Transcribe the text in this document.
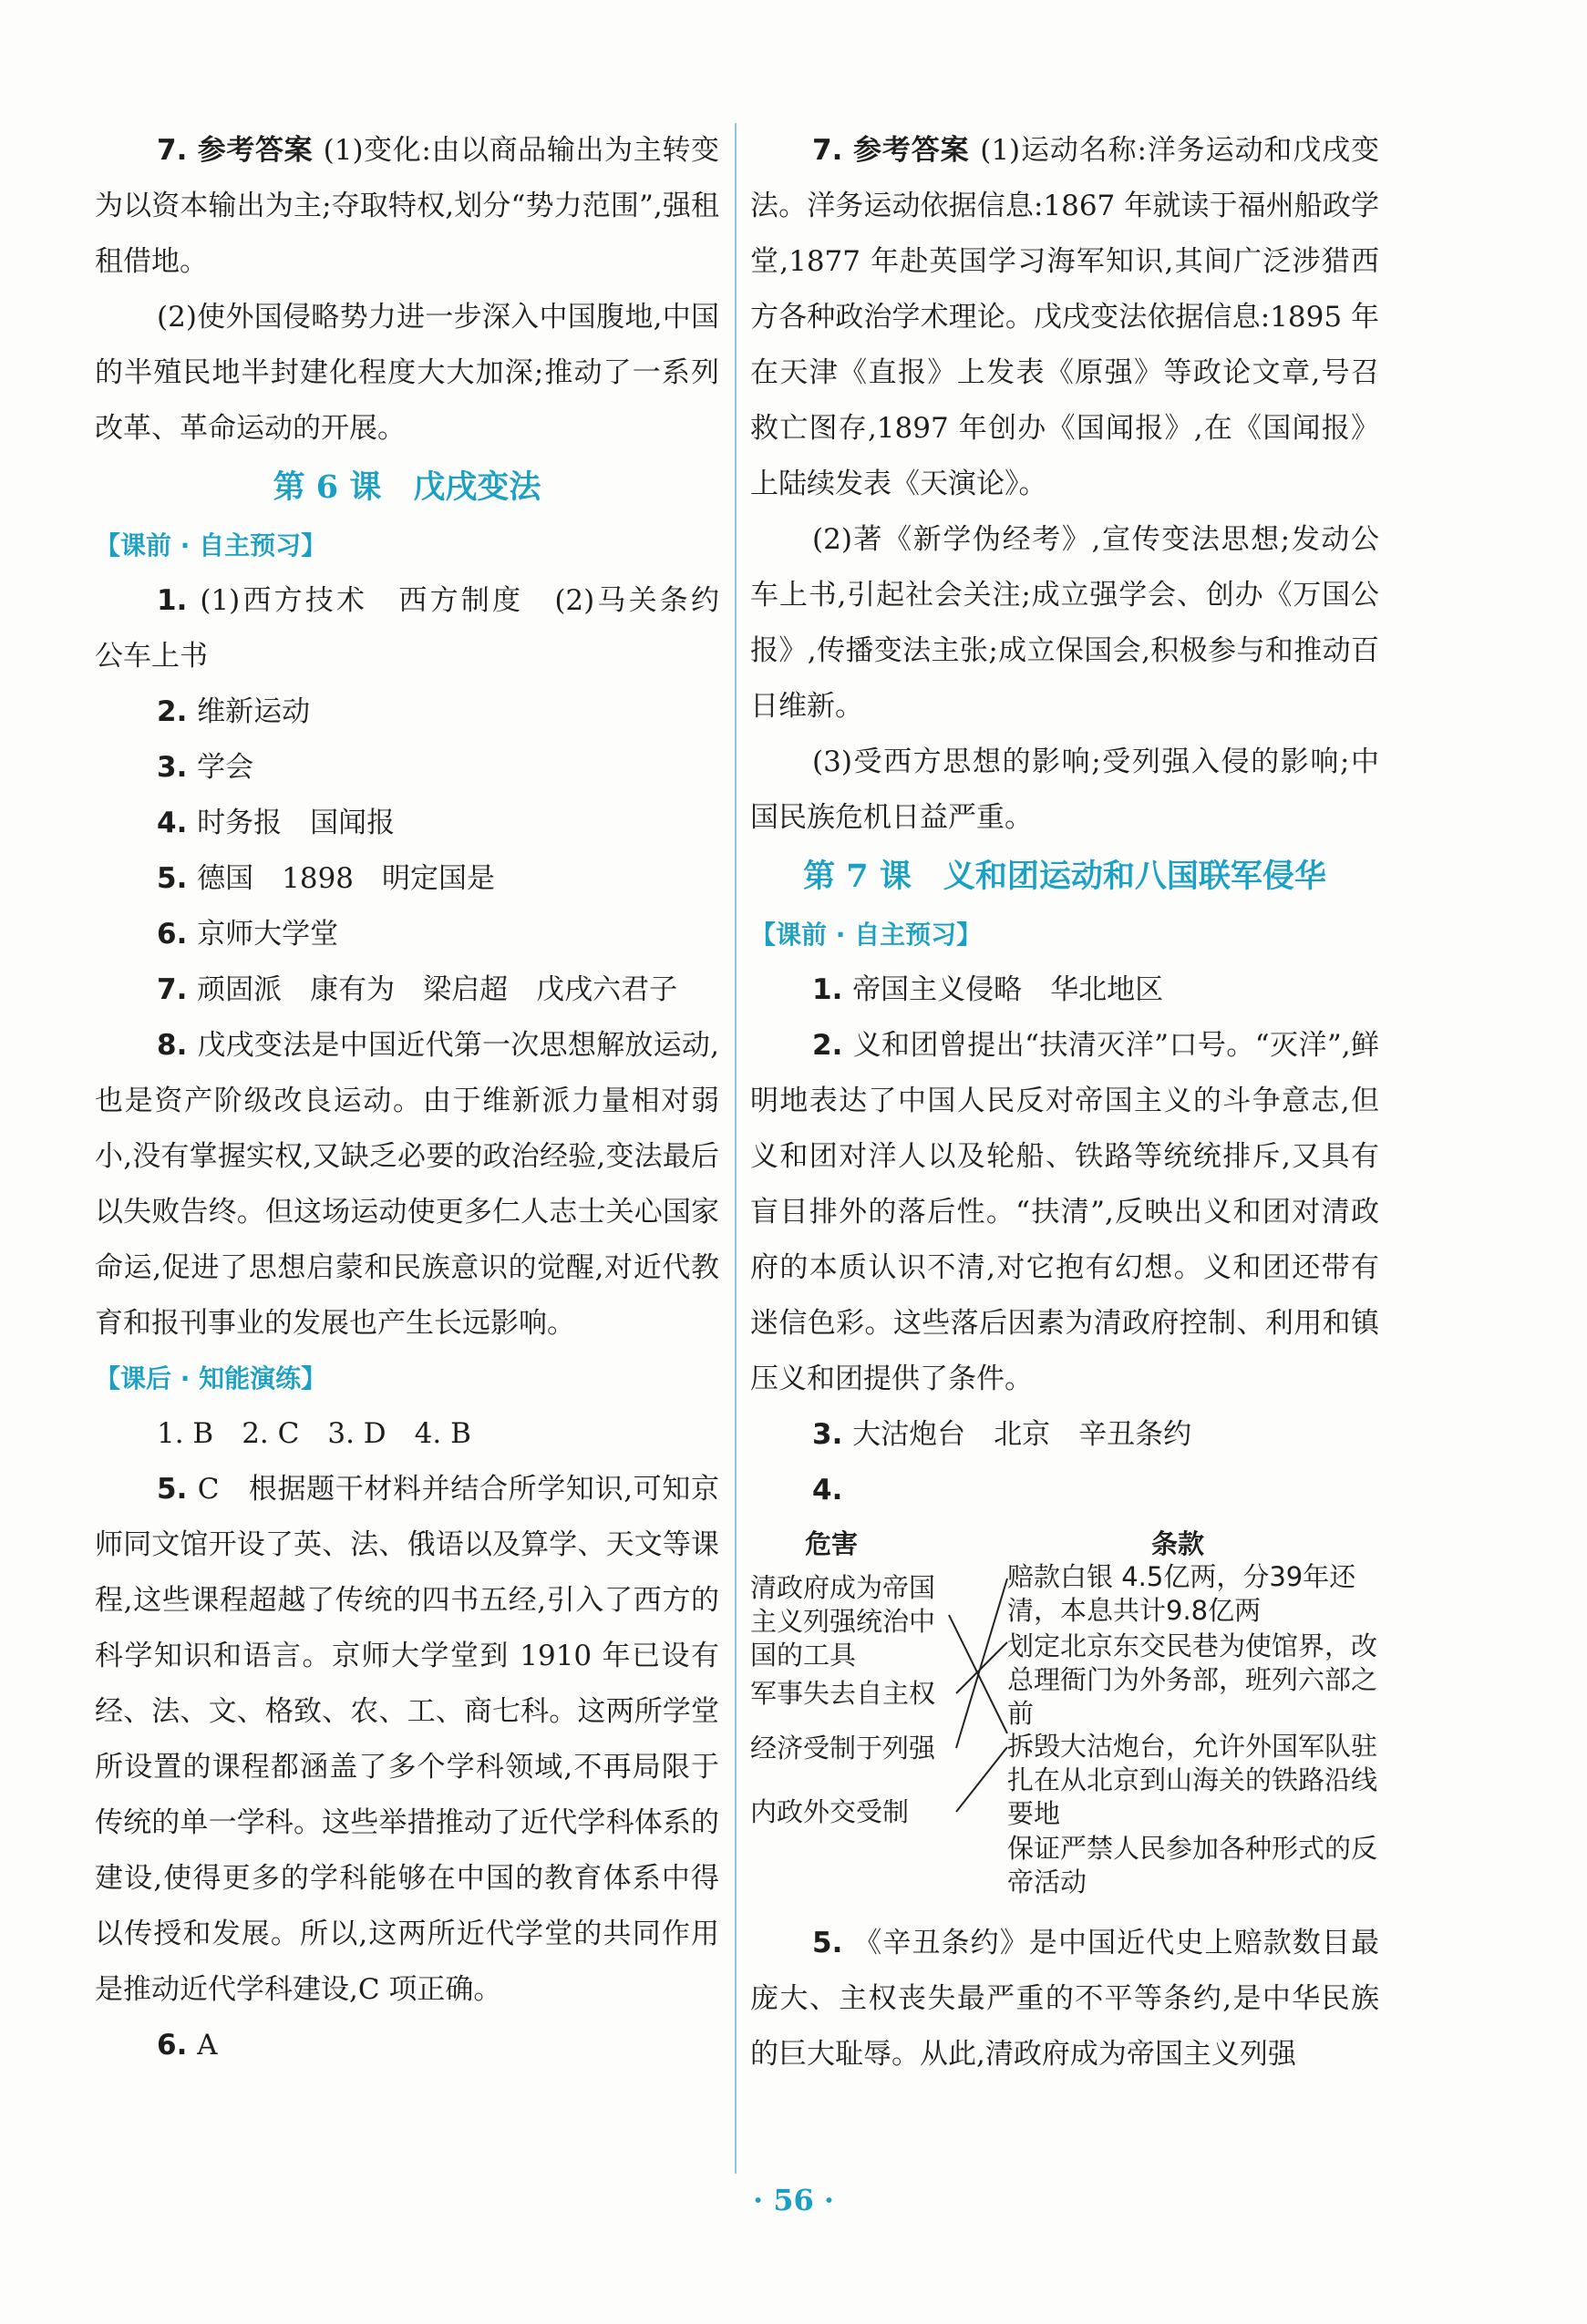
7. 参考答案 (1)变化:由以商品输出为主转变为以资本输出为主;夺取特权,划分“势力范围”,强租租借地。

(2)使外国侵略势力进一步深入中国腹地,中国的半殖民地半封建化程度大大加深;推动了一系列改革、革命运动的开展。

第 6 课　戊戌变法
【课前 · 自主预习】

1. (1)西方技术　西方制度　(2)马关条约　公车上书

2. 维新运动

3. 学会

4. 时务报　国闻报

5. 德国　1898　明定国是

6. 京师大学堂

7. 顽固派　康有为　梁启超　戊戌六君子

8. 戊戌变法是中国近代第一次思想解放运动,也是资产阶级改良运动。由于维新派力量相对弱小,没有掌握实权,又缺乏必要的政治经验,变法最后以失败告终。但这场运动使更多仁人志士关心国家命运,促进了思想启蒙和民族意识的觉醒,对近代教育和报刊事业的发展也产生长远影响。

【课后 · 知能演练】

1. B　2. C　3. D　4. B

5. C　根据题干材料并结合所学知识,可知京师同文馆开设了英、法、俄语以及算学、天文等课程,这些课程超越了传统的四书五经,引入了西方的科学知识和语言。京师大学堂到 1910 年已设有经、法、文、格致、农、工、商七科。这两所学堂所设置的课程都涵盖了多个学科领域,不再局限于传统的单一学科。这些举措推动了近代学科体系的建设,使得更多的学科能够在中国的教育体系中得以传授和发展。所以,这两所近代学堂的共同作用是推动近代学科建设,C 项正确。

6. A

7. 参考答案 (1)运动名称:洋务运动和戊戌变法。洋务运动依据信息:1867 年就读于福州船政学堂,1877 年赴英国学习海军知识,其间广泛涉猎西方各种政治学术理论。戊戌变法依据信息:1895 年在天津《直报》上发表《原强》等政论文章,号召救亡图存,1897 年创办《国闻报》,在《国闻报》上陆续发表《天演论》。

(2)著《新学伪经考》,宣传变法思想;发动公车上书,引起社会关注;成立强学会、创办《万国公报》,传播变法主张;成立保国会,积极参与和推动百日维新。

(3)受西方思想的影响;受列强入侵的影响;中国民族危机日益严重。

第 7 课　义和团运动和八国联军侵华
【课前 · 自主预习】

1. 帝国主义侵略　华北地区

2. 义和团曾提出“扶清灭洋”口号。“灭洋”,鲜明地表达了中国人民反对帝国主义的斗争意志,但义和团对洋人以及轮船、铁路等统统排斥,又具有盲目排外的落后性。“扶清”,反映出义和团对清政府的本质认识不清,对它抱有幻想。义和团还带有迷信色彩。这些落后因素为清政府控制、利用和镇压义和团提供了条件。

3. 大沽炮台　北京　辛丑条约

4.

危害	条款
清政府成为帝国主义列强统治中国的工具
军事失去自主权
经济受制于列强
内政外交受制
赔款白银 4.5亿两，分39年还清，本息共计9.8亿两
划定北京东交民巷为使馆界，改总理衙门为外务部，班列六部之前
拆毁大沽炮台，允许外国军队驻扎在从北京到山海关的铁路沿线要地
保证严禁人民参加各种形式的反帝活动

5. 《辛丑条约》是中国近代史上赔款数目最庞大、主权丧失最严重的不平等条约,是中华民族的巨大耻辱。从此,清政府成为帝国主义列强

· 56 ·
